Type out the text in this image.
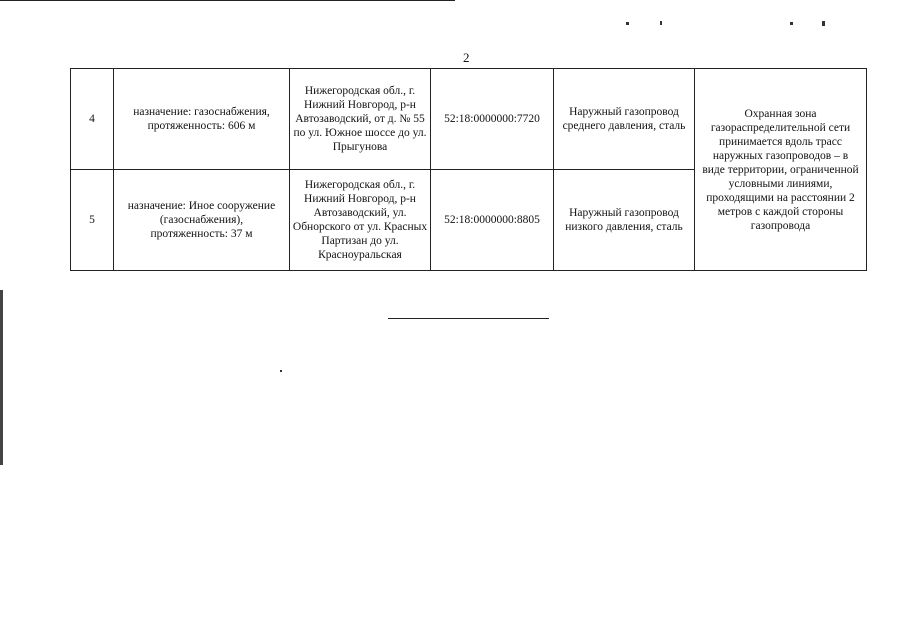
2
4	назначение: газоснабжения, протяженность: 606 м	Нижегородская обл., г. Нижний Новгород, р-н Автозаводский, от д. № 55 по ул. Южное шоссе до ул. Прыгунова	52:18:0000000:7720	Наружный газопровод среднего давления, сталь	Охранная зона газораспределительной сети принимается вдоль трасс наружных газопроводов – в виде территории, ограниченной условными линиями, проходящими на расстоянии 2 метров с каждой стороны газопровода
5	назначение: Иное сооружение (газоснабжения), протяженность: 37 м	Нижегородская обл., г. Нижний Новгород, р-н Автозаводский, ул. Обнорского от ул. Красных Партизан до ул. Красноуральская	52:18:0000000:8805	Наружный газопровод низкого давления, сталь	
